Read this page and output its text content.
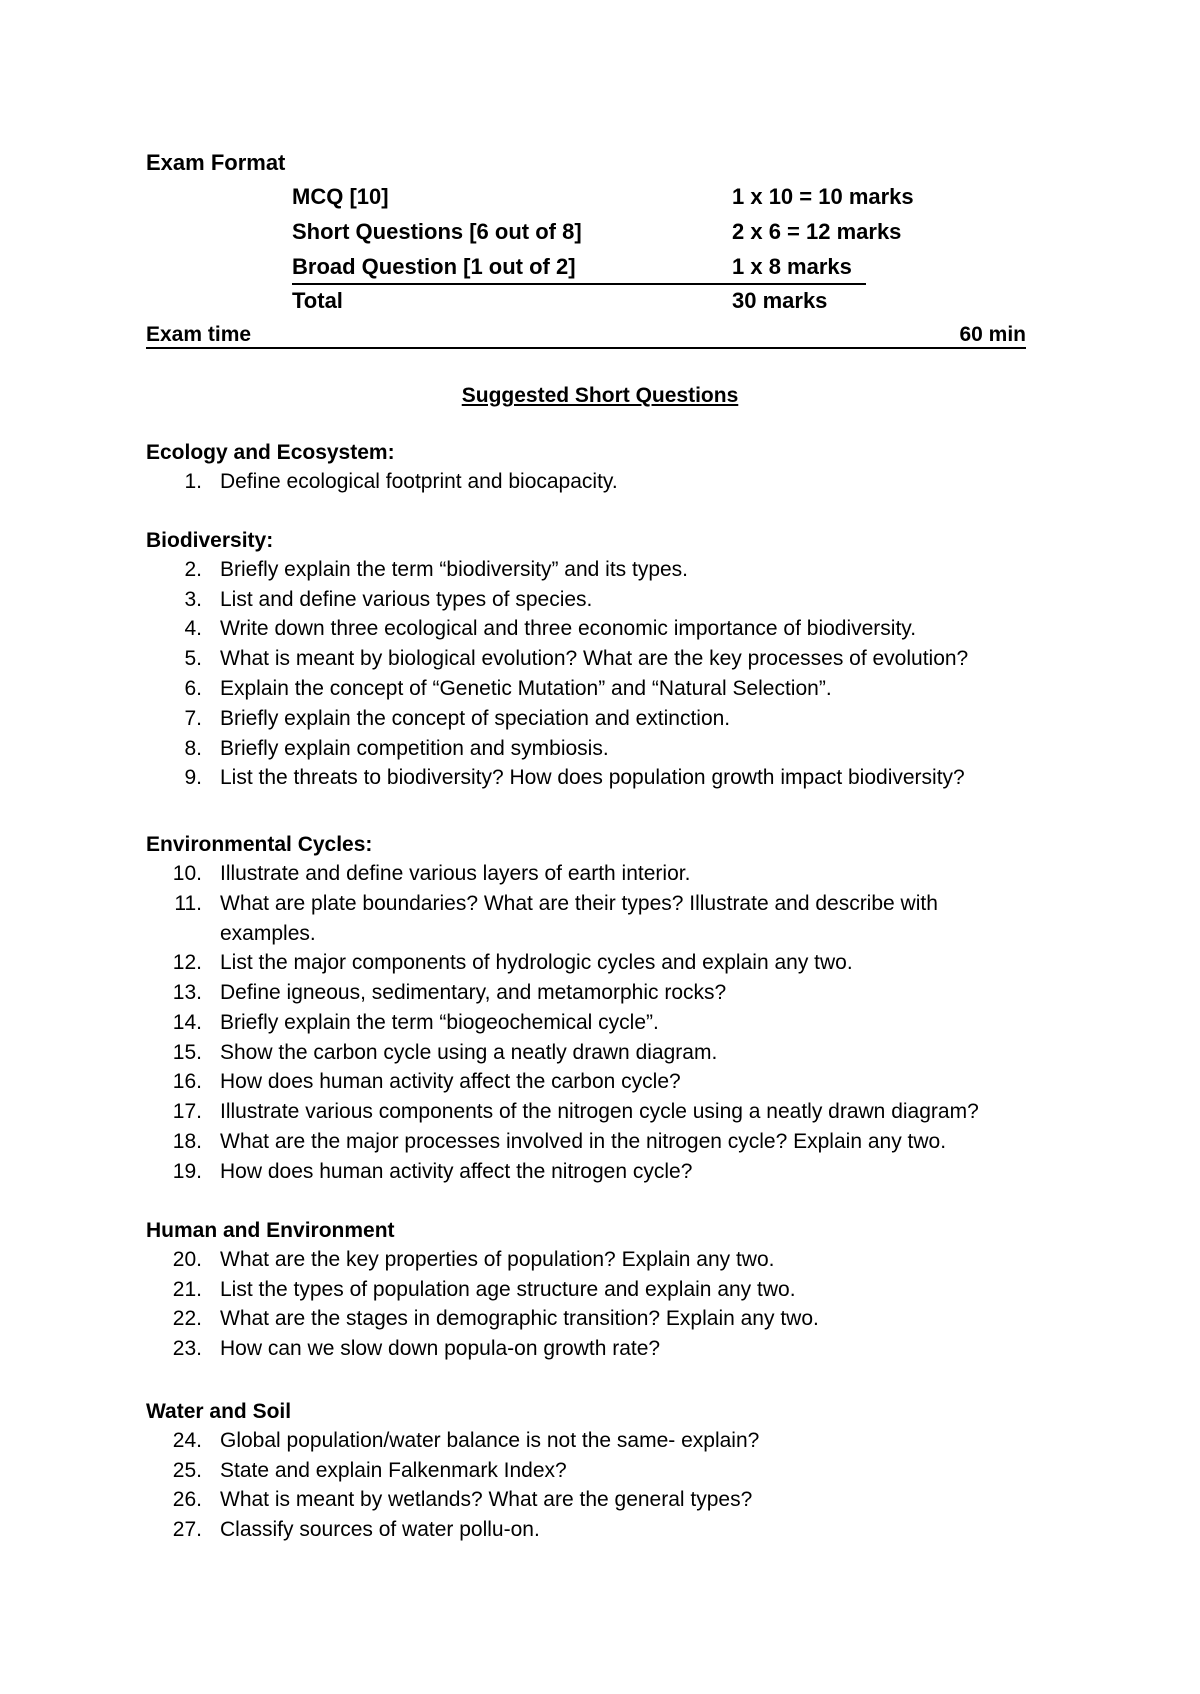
Exam Format
MCQ [10]	1 x 10 = 10 marks
Short Questions [6 out of 8]	2 x 6 = 12 marks
Broad Question [1 out of 2]	1 x 8 marks
Total	30 marks
Exam time	60 min
Suggested Short Questions
Ecology and Ecosystem:
1. Define ecological footprint and biocapacity.
Biodiversity:
2. Briefly explain the term “biodiversity” and its types.
3. List and define various types of species.
4. Write down three ecological and three economic importance of biodiversity.
5. What is meant by biological evolution? What are the key processes of evolution?
6. Explain the concept of “Genetic Mutation” and “Natural Selection”.
7. Briefly explain the concept of speciation and extinction.
8. Briefly explain competition and symbiosis.
9. List the threats to biodiversity? How does population growth impact biodiversity?
Environmental Cycles:
10. Illustrate and define various layers of earth interior.
11. What are plate boundaries? What are their types? Illustrate and describe with examples.
12. List the major components of hydrologic cycles and explain any two.
13. Define igneous, sedimentary, and metamorphic rocks?
14. Briefly explain the term “biogeochemical cycle”.
15. Show the carbon cycle using a neatly drawn diagram.
16. How does human activity affect the carbon cycle?
17. Illustrate various components of the nitrogen cycle using a neatly drawn diagram?
18. What are the major processes involved in the nitrogen cycle? Explain any two.
19. How does human activity affect the nitrogen cycle?
Human and Environment
20. What are the key properties of population? Explain any two.
21. List the types of population age structure and explain any two.
22. What are the stages in demographic transition? Explain any two.
23. How can we slow down popula-on growth rate?
Water and Soil
24. Global population/water balance is not the same- explain?
25. State and explain Falkenmark Index?
26. What is meant by wetlands? What are the general types?
27. Classify sources of water pollu-on.
